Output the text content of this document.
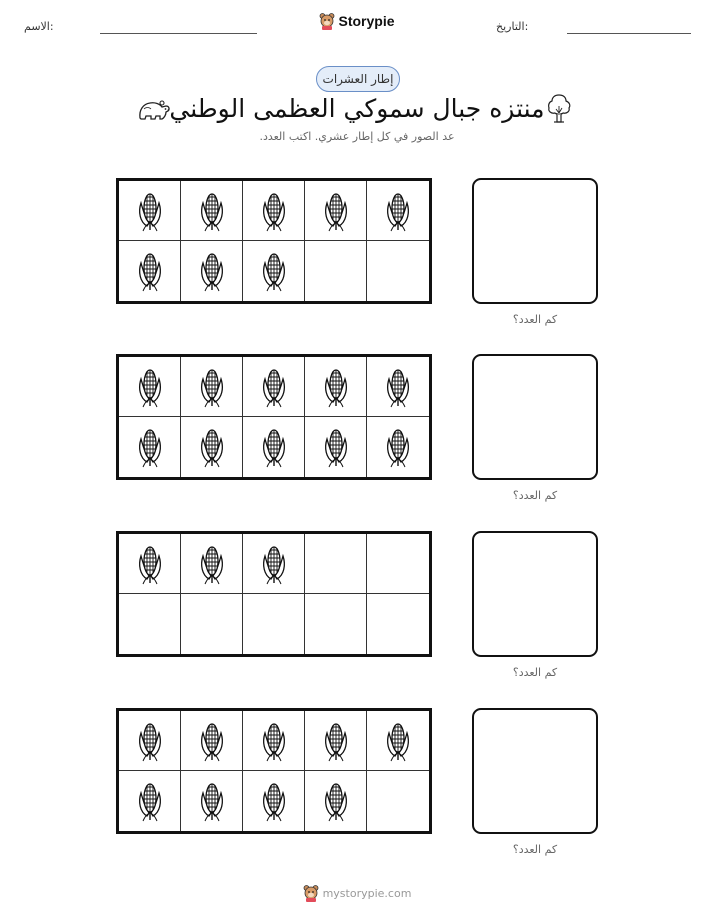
الاسم:	Storypie	التاريخ:
إطار العشرات
منتزه جبال سموكي العظمى الوطني
عد الصور في كل إطار عشري. اكتب العدد.
كم العدد؟
كم العدد؟
كم العدد؟
كم العدد؟
mystorypie.com
